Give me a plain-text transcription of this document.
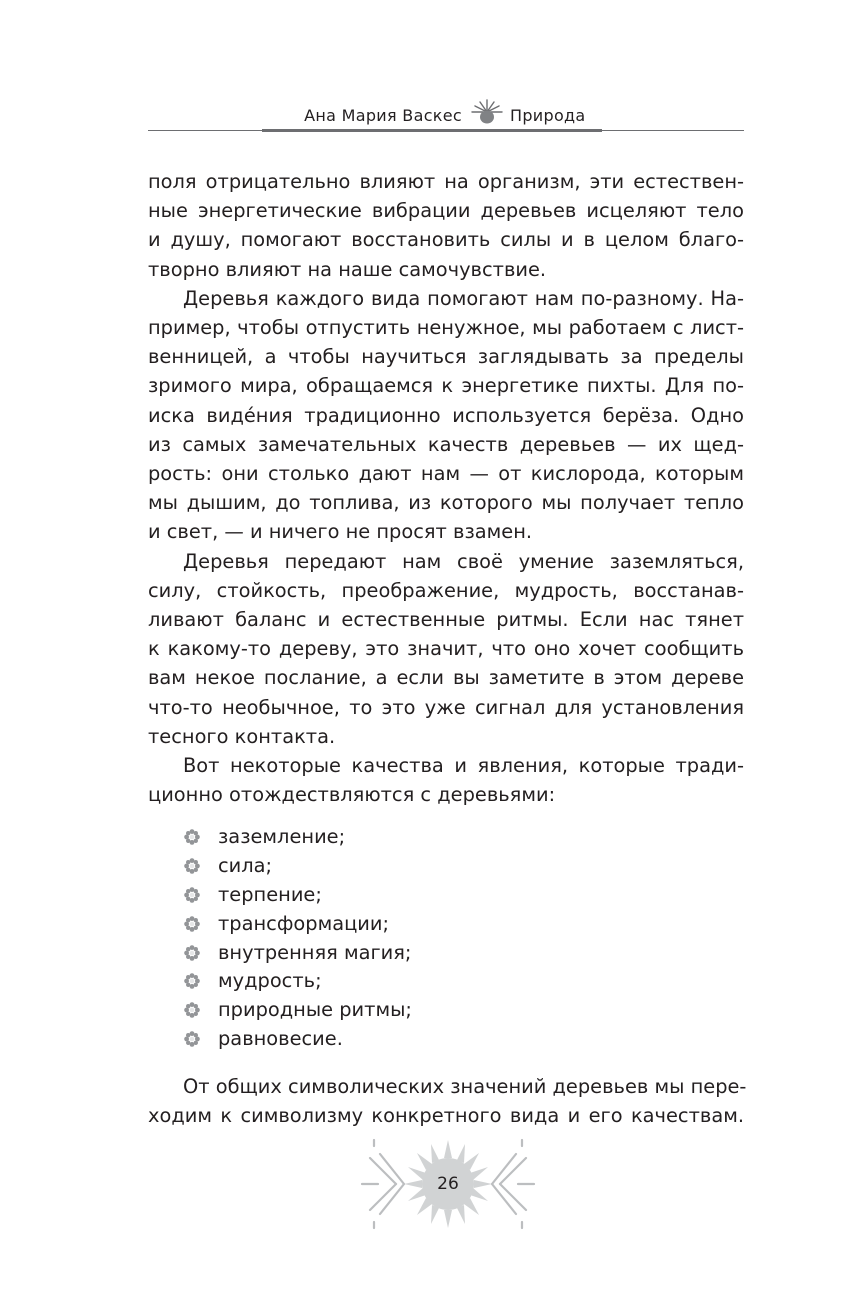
Ана Мария Васкес	Природа

поля отрицательно влияют на организм, эти естествен-
ные энергетические вибрации деревьев исцеляют тело
и душу, помогают восстановить силы и в целом благо-
творно влияют на наше самочувствие.

Деревья каждого вида помогают нам по-разному. На-
пример, чтобы отпустить ненужное, мы работаем с лист-
венницей, а чтобы научиться заглядывать за пределы
зримого мира, обращаемся к энергетике пихты. Для по-
иска виде́ния традиционно используется берёза. Одно
из самых замечательных качеств деревьев — их щед-
рость: они столько дают нам — от кислорода, которым
мы дышим, до топлива, из которого мы получает тепло
и свет, — и ничего не просят взамен.

Деревья передают нам своё умение заземляться,
силу, стойкость, преображение, мудрость, восстанав-
ливают баланс и естественные ритмы. Если нас тянет
к какому-то дереву, это значит, что оно хочет сообщить
вам некое послание, а если вы заметите в этом дереве
что-то необычное, то это уже сигнал для установления
тесного контакта.

Вот некоторые качества и явления, которые тради-
ционно отождествляются с деревьями:

заземление;
сила;
терпение;
трансформации;
внутренняя магия;
мудрость;
природные ритмы;
равновесие.

От общих символических значений деревьев мы пере-
ходим к символизму конкретного вида и его качествам.

26
